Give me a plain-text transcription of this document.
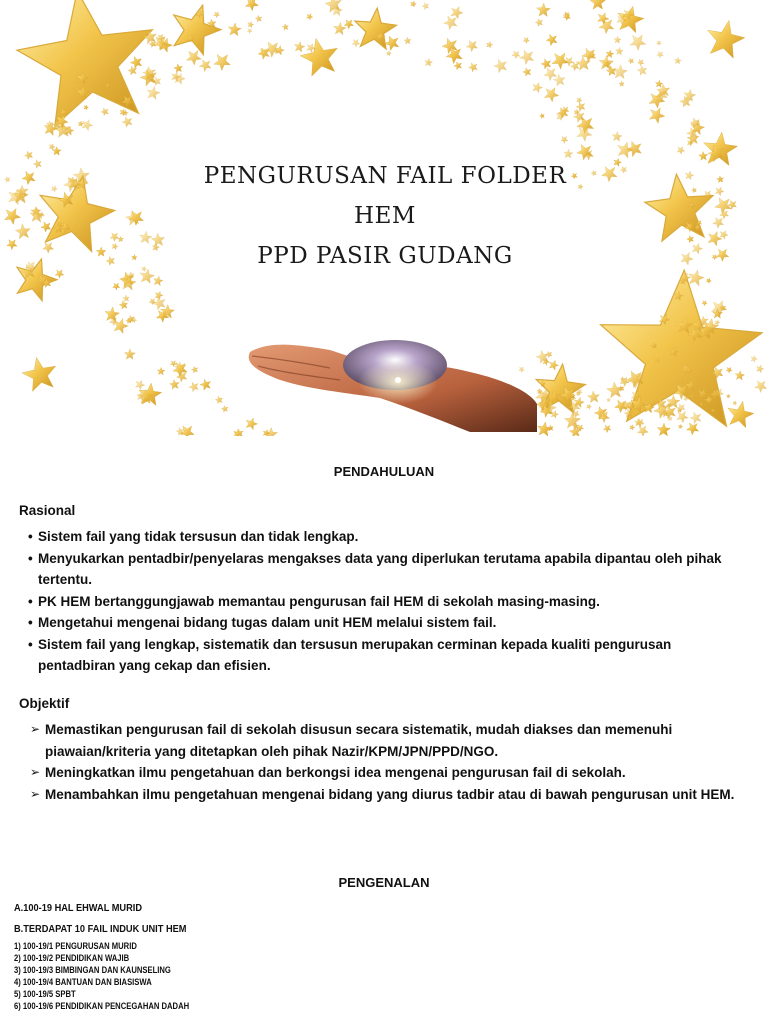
PENGURUSAN FAIL FOLDER
HEM
PPD PASIR GUDANG
PENDAHULUAN
Rasional
• Sistem fail yang tidak tersusun dan tidak lengkap.
• Menyukarkan pentadbir/penyelaras mengakses data yang diperlukan terutama apabila dipantau oleh pihak tertentu.
• PK HEM bertanggungjawab memantau pengurusan fail HEM di sekolah masing-masing.
• Mengetahui mengenai bidang tugas dalam unit HEM melalui sistem fail.
• Sistem fail yang lengkap, sistematik dan tersusun merupakan cerminan kepada kualiti pengurusan pentadbiran yang cekap dan efisien.
Objektif
➢ Memastikan pengurusan fail di sekolah disusun secara sistematik, mudah diakses dan memenuhi piawaian/kriteria yang ditetapkan oleh pihak Nazir/KPM/JPN/PPD/NGO.
➢ Meningkatkan ilmu pengetahuan dan berkongsi idea mengenai pengurusan fail di sekolah.
➢ Menambahkan ilmu pengetahuan mengenai bidang yang diurus tadbir atau di bawah pengurusan unit HEM.
PENGENALAN
A.100-19 HAL EHWAL MURID
B.TERDAPAT 10 FAIL INDUK UNIT HEM
1) 100-19/1 PENGURUSAN MURID
2) 100-19/2 PENDIDIKAN WAJIB
3) 100-19/3 BIMBINGAN DAN KAUNSELING
4) 100-19/4 BANTUAN DAN BIASISWA
5) 100-19/5 SPBT
6) 100-19/6 PENDIDIKAN PENCEGAHAN DADAH
